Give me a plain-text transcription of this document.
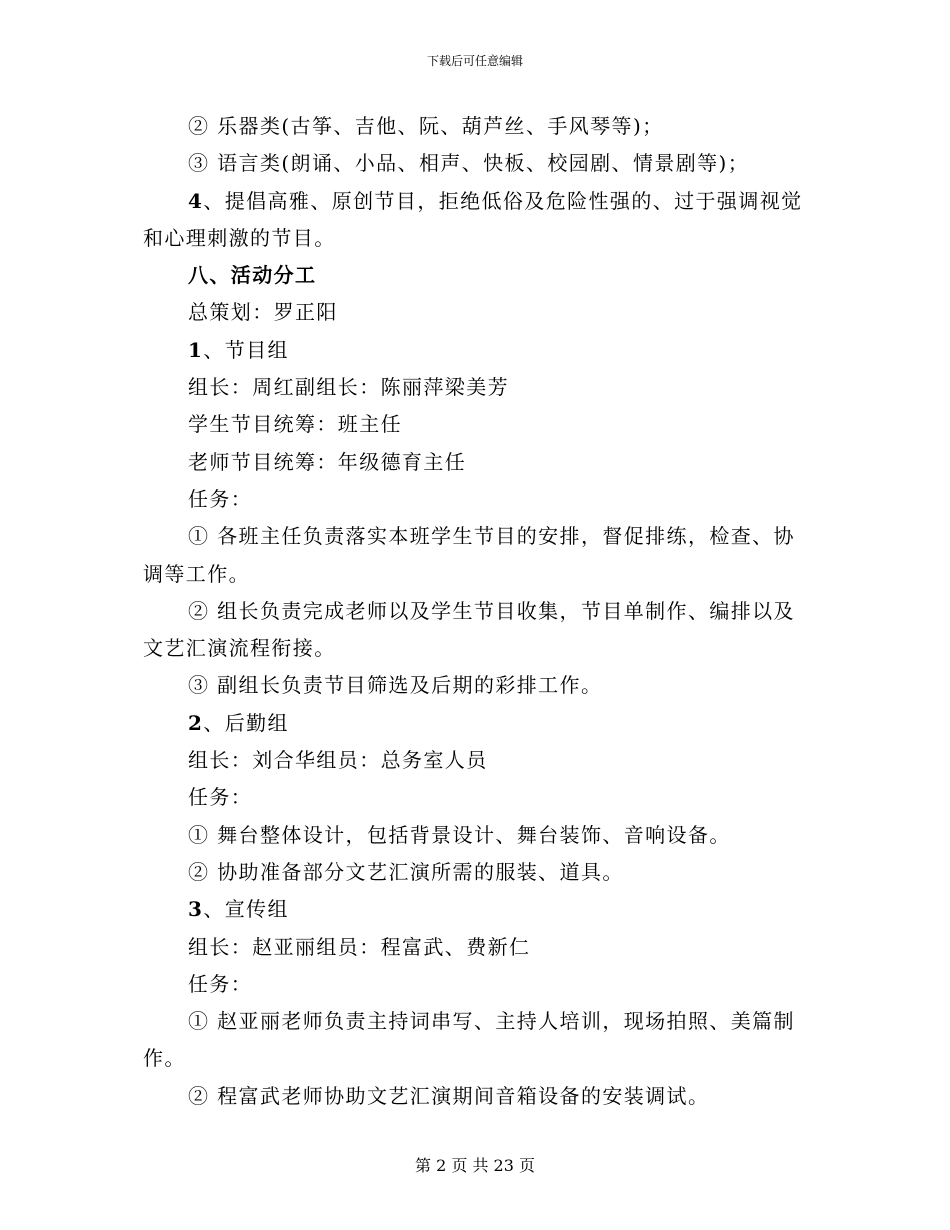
下载后可任意编辑

② 乐器类(古筝、吉他、阮、葫芦丝、手风琴等)；

③ 语言类(朗诵、小品、相声、快板、校园剧、情景剧等)；

4、提倡高雅、原创节目，拒绝低俗及危险性强的、过于强调视觉

和心理刺激的节目。

八、活动分工

总策划：罗正阳

1、节目组

组长：周红副组长：陈丽萍梁美芳

学生节目统筹：班主任

老师节目统筹：年级德育主任

任务：

① 各班主任负责落实本班学生节目的安排，督促排练，检查、协

调等工作。

② 组长负责完成老师以及学生节目收集，节目单制作、编排以及

文艺汇演流程衔接。

③ 副组长负责节目筛选及后期的彩排工作。

2、后勤组

组长：刘合华组员：总务室人员

任务：

① 舞台整体设计，包括背景设计、舞台装饰、音响设备。

② 协助准备部分文艺汇演所需的服装、道具。

3、宣传组

组长：赵亚丽组员：程富武、费新仁

任务：

① 赵亚丽老师负责主持词串写、主持人培训，现场拍照、美篇制

作。

② 程富武老师协助文艺汇演期间音箱设备的安装调试。

第 2 页 共 23 页
